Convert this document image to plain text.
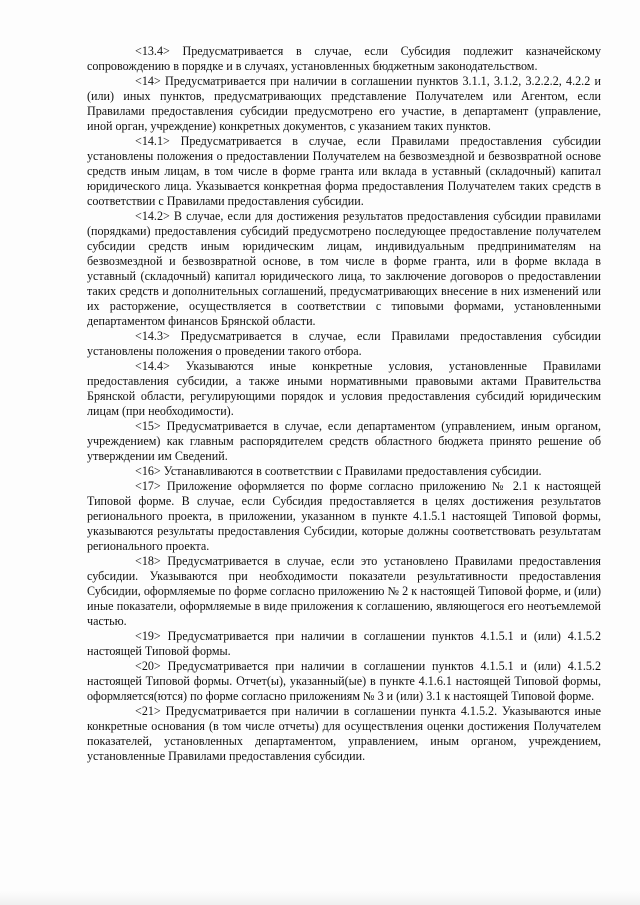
<13.4> Предусматривается в случае, если Субсидия подлежит казначейскому сопровождению в порядке и в случаях, установленных бюджетным законодательством.

<14> Предусматривается при наличии в соглашении пунктов 3.1.1, 3.1.2, 3.2.2.2, 4.2.2 и (или) иных пунктов, предусматривающих представление Получателем или Агентом, если Правилами предоставления субсидии предусмотрено его участие, в департамент (управление, иной орган, учреждение) конкретных документов, с указанием таких пунктов.

<14.1> Предусматривается в случае, если Правилами предоставления субсидии установлены положения о предоставлении Получателем на безвозмездной и безвозвратной основе средств иным лицам, в том числе в форме гранта или вклада в уставный (складочный) капитал юридического лица. Указывается конкретная форма предоставления Получателем таких средств в соответствии с Правилами предоставления субсидии.

<14.2> В случае, если для достижения результатов предоставления субсидии правилами (порядками) предоставления субсидий предусмотрено последующее предоставление получателем субсидии средств иным юридическим лицам, индивидуальным предпринимателям на безвозмездной и безвозвратной основе, в том числе в форме гранта, или в форме вклада в уставный (складочный) капитал юридического лица, то заключение договоров о предоставлении таких средств и дополнительных соглашений, предусматривающих внесение в них изменений или их расторжение, осуществляется в соответствии с типовыми формами, установленными департаментом финансов Брянской области.

<14.3> Предусматривается в случае, если Правилами предоставления субсидии установлены положения о проведении такого отбора.

<14.4> Указываются иные конкретные условия, установленные Правилами предоставления субсидии, а также иными нормативными правовыми актами Правительства Брянской области, регулирующими порядок и условия предоставления субсидий юридическим лицам (при необходимости).

<15> Предусматривается в случае, если департаментом (управлением, иным органом, учреждением) как главным распорядителем средств областного бюджета принято решение об утверждении им Сведений.

<16> Устанавливаются в соответствии с Правилами предоставления субсидии.

<17> Приложение оформляется по форме согласно приложению № 2.1 к настоящей Типовой форме. В случае, если Субсидия предоставляется в целях достижения результатов регионального проекта, в приложении, указанном в пункте 4.1.5.1 настоящей Типовой формы, указываются результаты предоставления Субсидии, которые должны соответствовать результатам регионального проекта.

<18> Предусматривается в случае, если это установлено Правилами предоставления субсидии. Указываются при необходимости показатели результативности предоставления Субсидии, оформляемые по форме согласно приложению № 2 к настоящей Типовой форме, и (или) иные показатели, оформляемые в виде приложения к соглашению, являющегося его неотъемлемой частью.

<19> Предусматривается при наличии в соглашении пунктов 4.1.5.1 и (или) 4.1.5.2 настоящей Типовой формы.

<20> Предусматривается при наличии в соглашении пунктов 4.1.5.1 и (или) 4.1.5.2 настоящей Типовой формы. Отчет(ы), указанный(ые) в пункте 4.1.6.1 настоящей Типовой формы, оформляется(ются) по форме согласно приложениям № 3 и (или) 3.1 к настоящей Типовой форме.

<21> Предусматривается при наличии в соглашении пункта 4.1.5.2. Указываются иные конкретные основания (в том числе отчеты) для осуществления оценки достижения Получателем показателей, установленных департаментом, управлением, иным органом, учреждением, установленные Правилами предоставления субсидии.
